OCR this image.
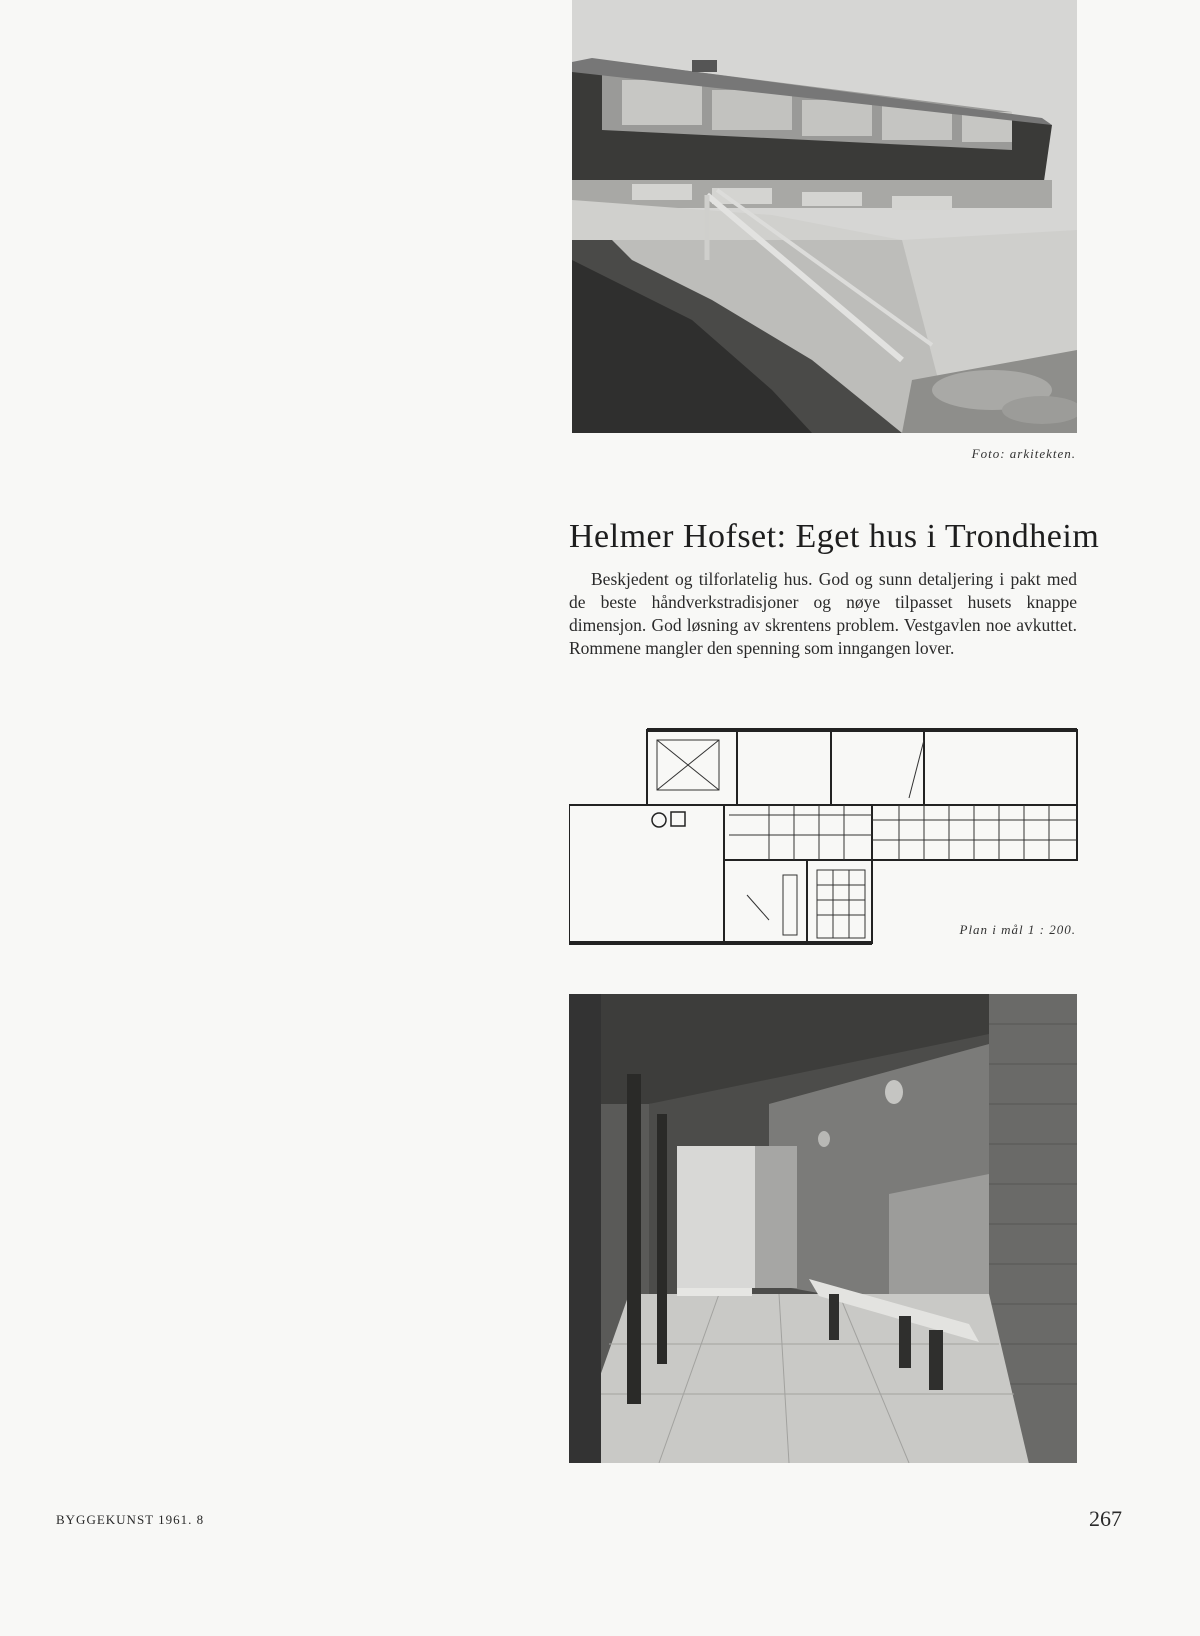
Foto: arkitekten.
Helmer Hofset: Eget hus i Trondheim

Beskjedent og tilforlatelig hus. God og sunn detaljering i pakt med de beste håndverkstradisjoner og nøye tilpasset husets knappe dimensjon. God løsning av skrentens problem. Vestgavlen noe avkuttet. Rommene mangler den spenning som inngangen lover.

Plan i mål 1 : 200.
BYGGEKUNST 1961. 8	267
